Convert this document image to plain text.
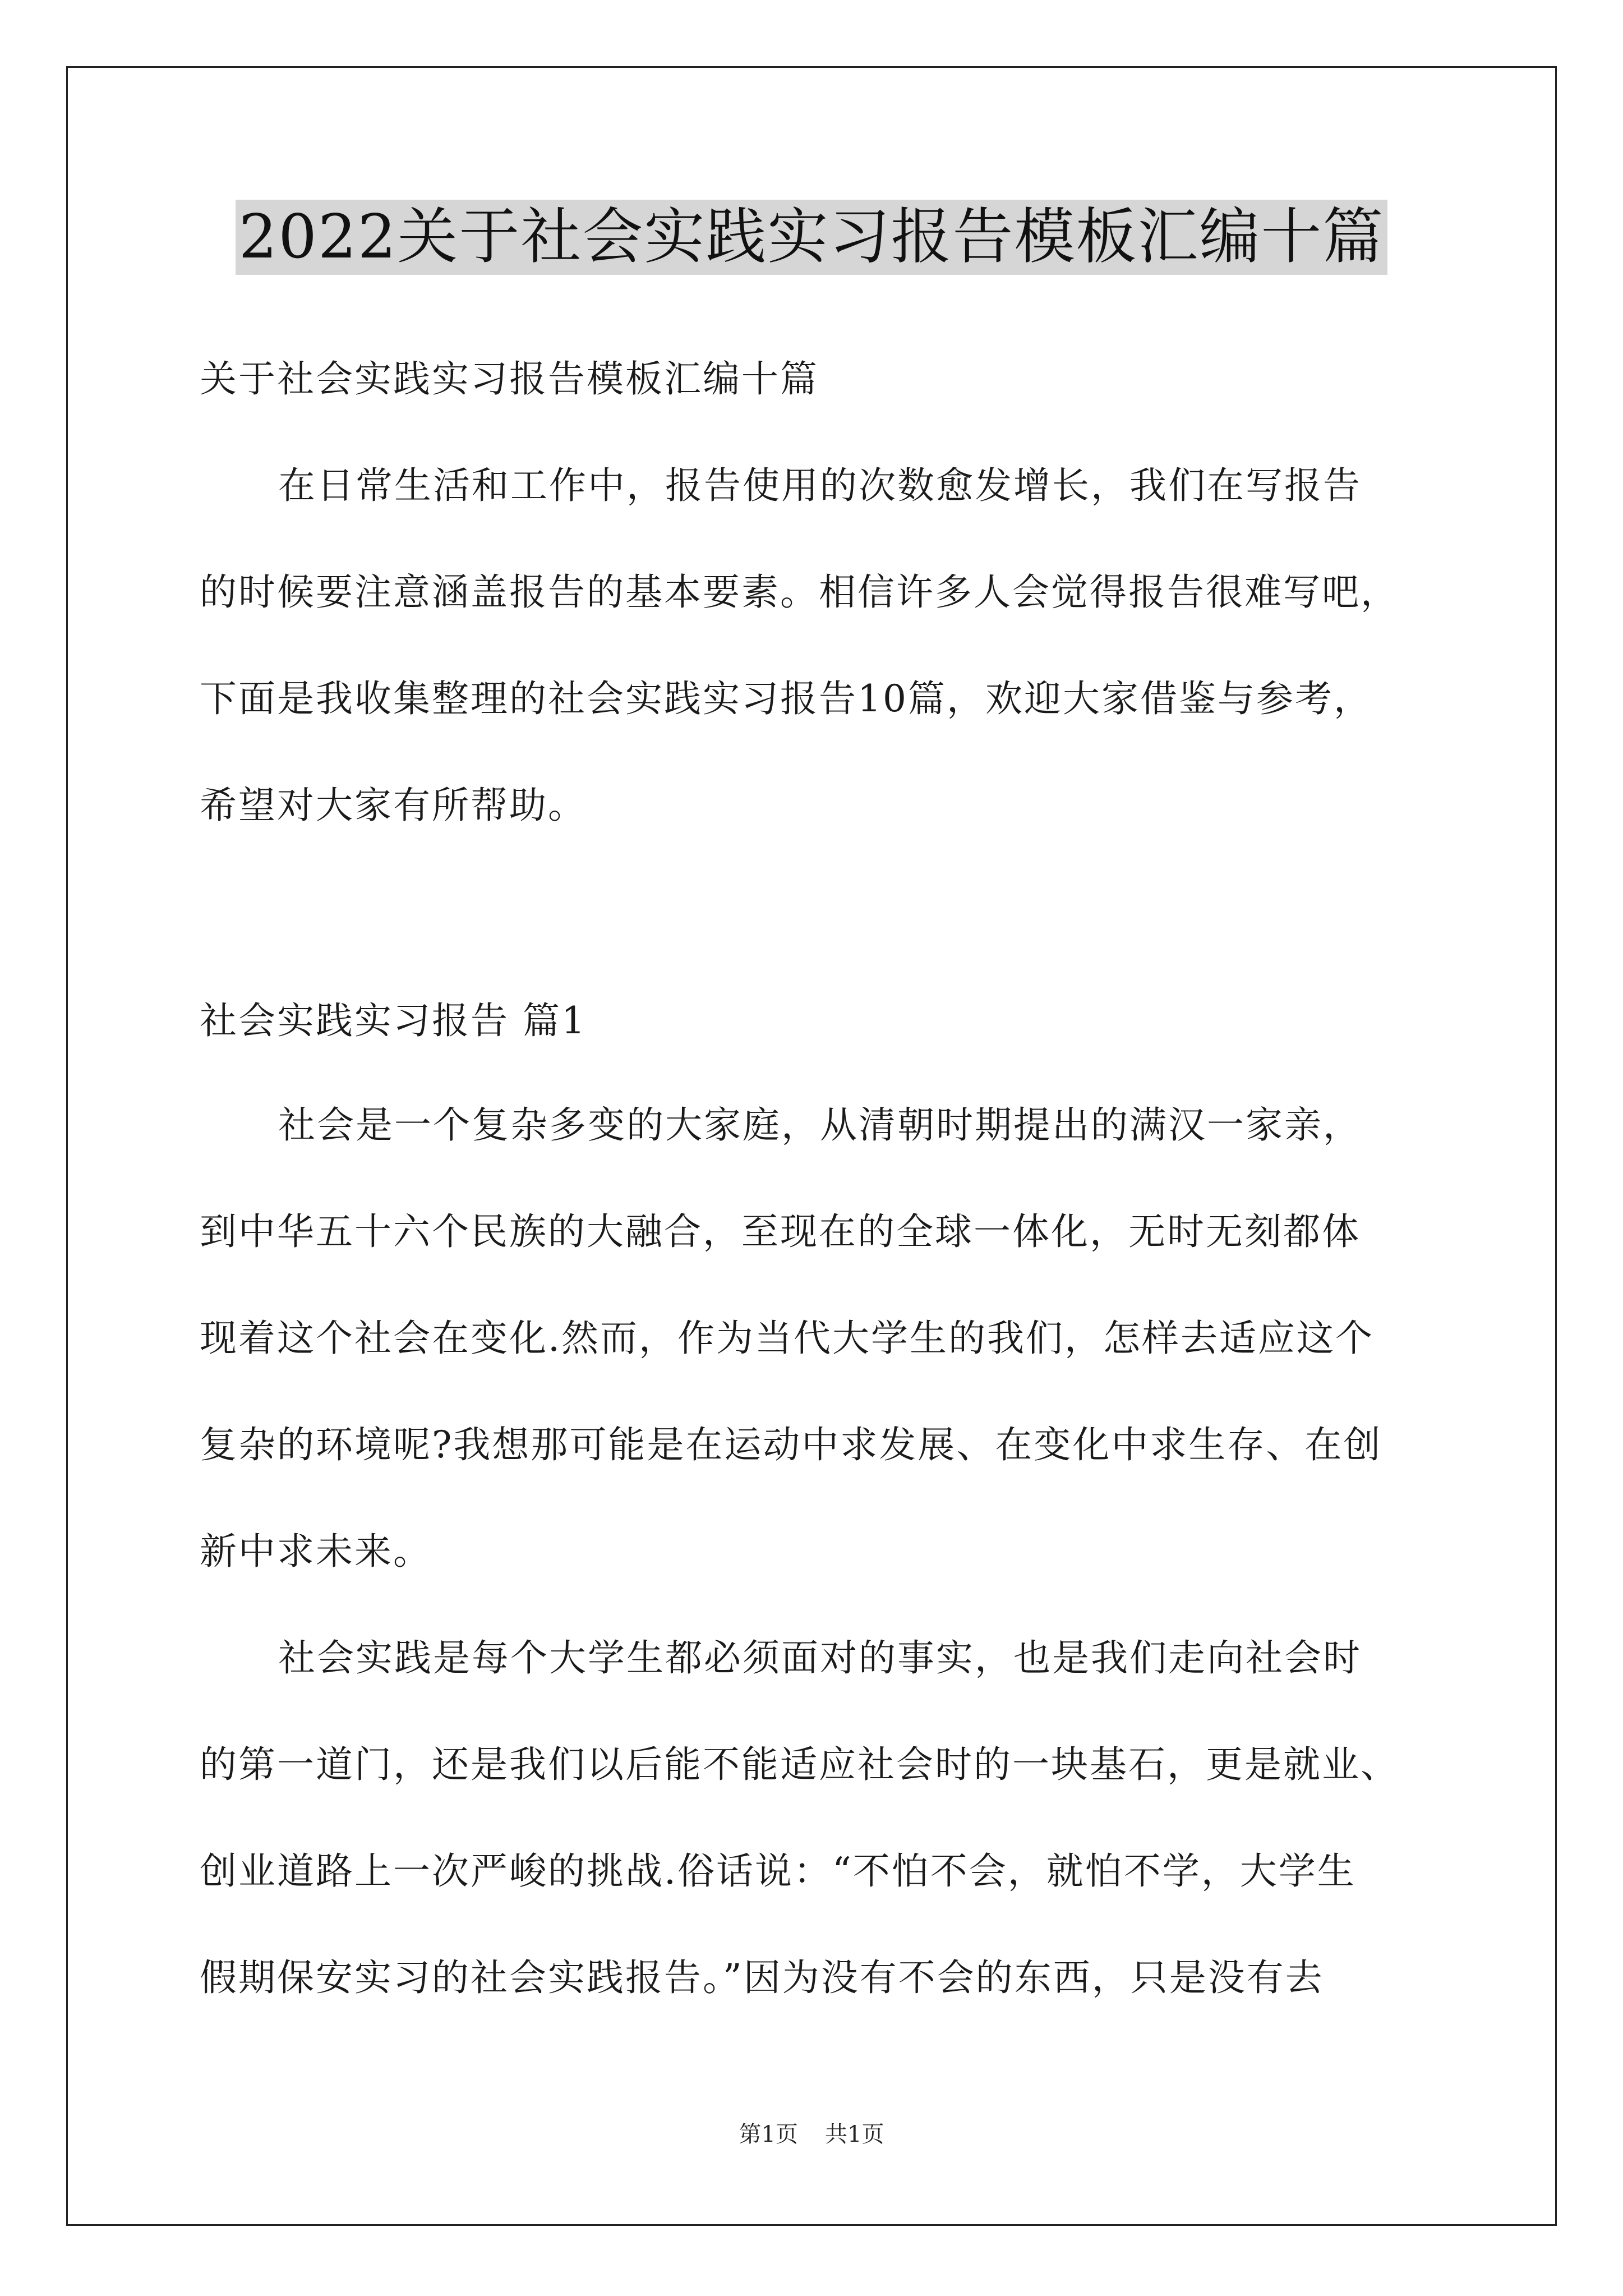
2022关于社会实践实习报告模板汇编十篇
关于社会实践实习报告模板汇编十篇
在日常生活和工作中，报告使用的次数愈发增长，我们在写报告
的时候要注意涵盖报告的基本要素。相信许多人会觉得报告很难写吧，
下面是我收集整理的社会实践实习报告10篇，欢迎大家借鉴与参考，
希望对大家有所帮助。
社会实践实习报告 篇1
社会是一个复杂多变的大家庭，从清朝时期提出的满汉一家亲，
到中华五十六个民族的大融合，至现在的全球一体化，无时无刻都体
现着这个社会在变化.然而，作为当代大学生的我们，怎样去适应这个
复杂的环境呢?我想那可能是在运动中求发展、在变化中求生存、在创
新中求未来。
社会实践是每个大学生都必须面对的事实，也是我们走向社会时
的第一道门，还是我们以后能不能适应社会时的一块基石，更是就业、
创业道路上一次严峻的挑战.俗话说：“不怕不会，就怕不学，大学生
假期保安实习的社会实践报告。”因为没有不会的东西，只是没有去
第1页 共1页
